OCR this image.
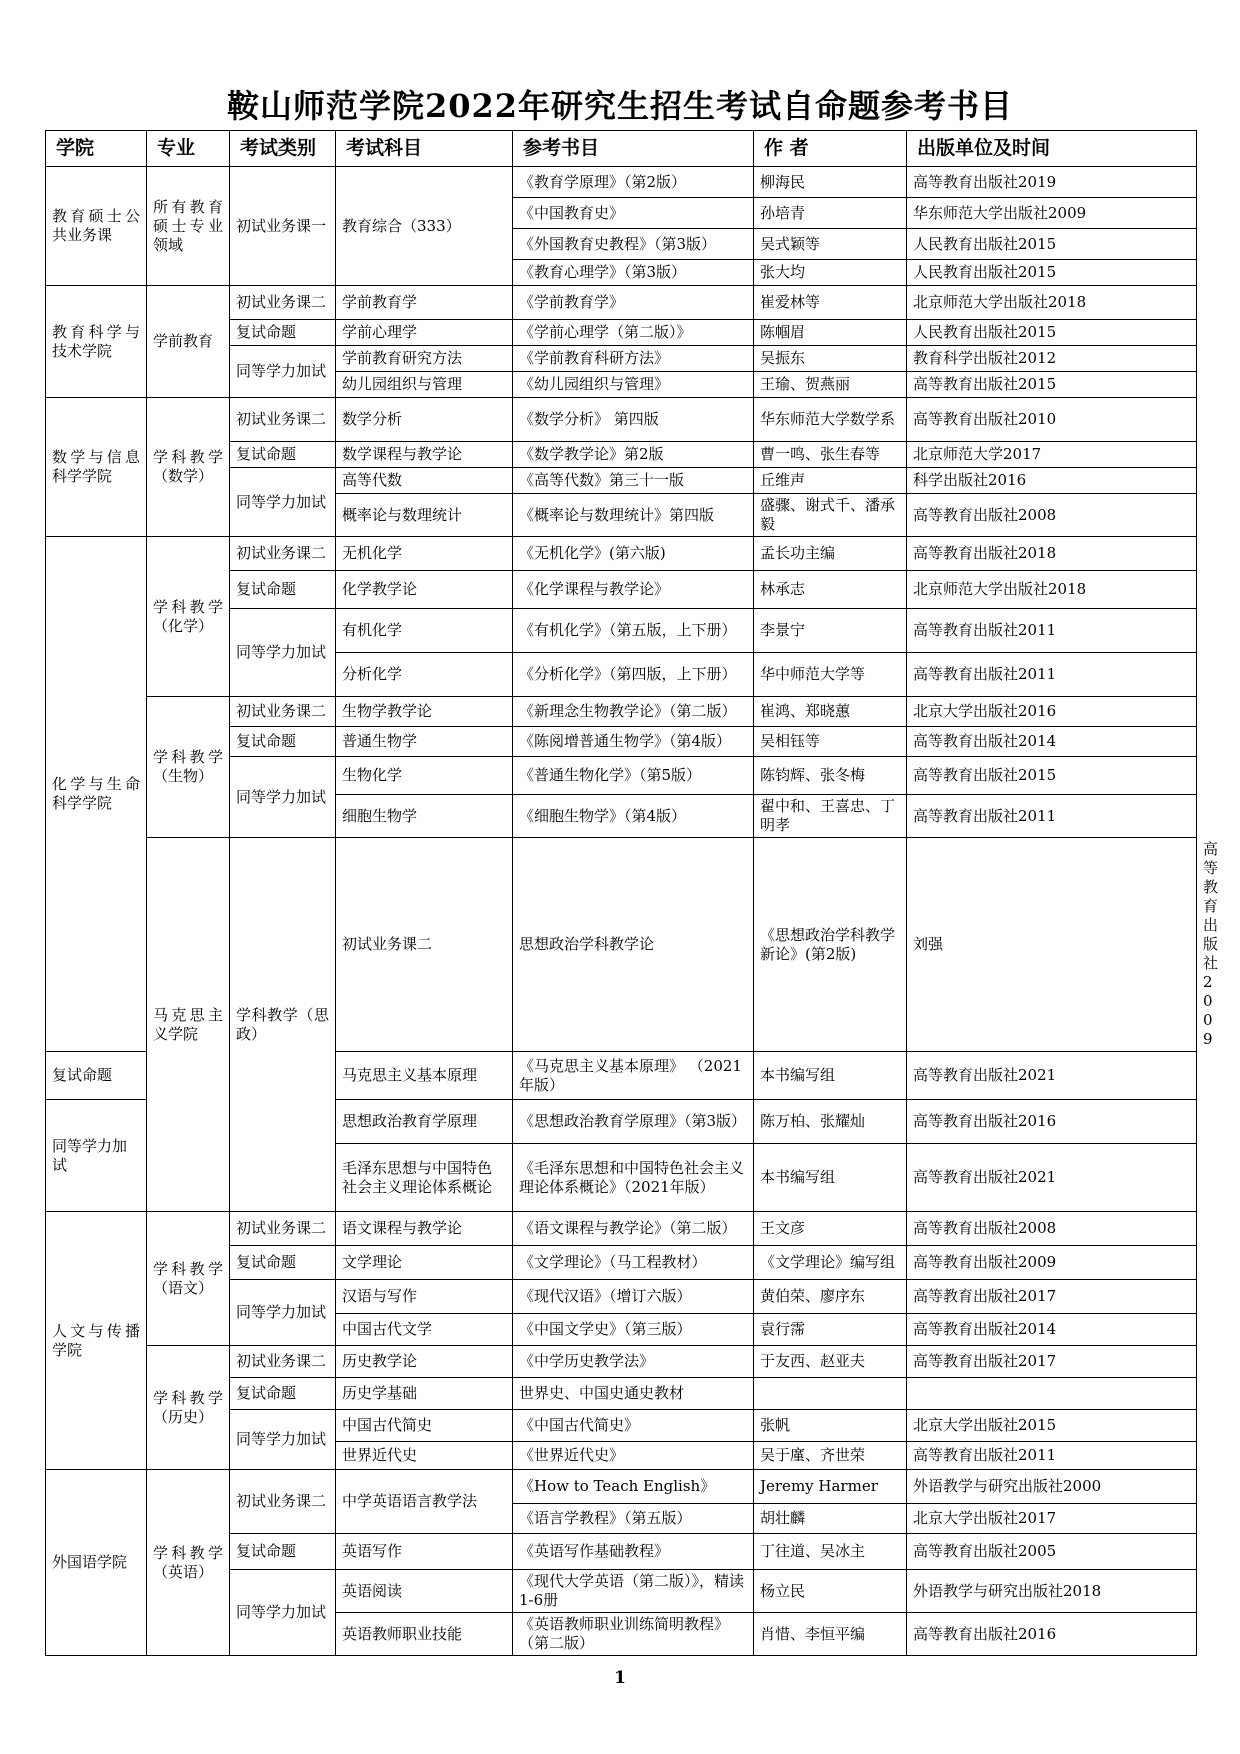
鞍山师范学院2022年研究生招生考试自命题参考书目
学院	专业	考试类别	考试科目	参考书目	作 者	出版单位及时间	
教育硕士公共业务课	所有教育硕士专业领域	初试业务课一	教育综合（333）	《教育学原理》（第2版）	柳海民	高等教育出版社2019	
				《中国教育史》	孙培青	华东师范大学出版社2009	
				《外国教育史教程》（第3版）	吴式颖等	人民教育出版社2015	
				《教育心理学》（第3版）	张大均	人民教育出版社2015	
教育科学与技术学院	学前教育	初试业务课二	学前教育学	《学前教育学》	崔爱林等	北京师范大学出版社2018	
		复试命题	学前心理学	《学前心理学（第二版）》	陈帼眉	人民教育出版社2015	
		同等学力加试	学前教育研究方法	《学前教育科研方法》	吴振东	教育科学出版社2012	
			幼儿园组织与管理	《幼儿园组织与管理》	王瑜、贺燕丽	高等教育出版社2015	
数学与信息科学学院	学科教学（数学）	初试业务课二	数学分析	《数学分析》 第四版	华东师范大学数学系	高等教育出版社2010	
		复试命题	数学课程与教学论	《数学教学论》第2版	曹一鸣、张生春等	北京师范大学2017	
		同等学力加试	高等代数	《高等代数》第三十一版	丘维声	科学出版社2016	
			概率论与数理统计	《概率论与数理统计》第四版	盛骤、谢式千、潘承毅	高等教育出版社2008	
化学与生命科学学院	学科教学（化学）	初试业务课二	无机化学	《无机化学》(第六版)	孟长功主编	高等教育出版社2018	
		复试命题	化学教学论	《化学课程与教学论》	林承志	北京师范大学出版社2018	
		同等学力加试	有机化学	《有机化学》（第五版，上下册）	李景宁	高等教育出版社2011	
			分析化学	《分析化学》（第四版，上下册）	华中师范大学等	高等教育出版社2011	
	学科教学（生物）	初试业务课二	生物学教学论	《新理念生物教学论》（第二版）	崔鸿、郑晓蕙	北京大学出版社2016	
		复试命题	普通生物学	《陈阅增普通生物学》（第4版）	吴相钰等	高等教育出版社2014	
		同等学力加试	生物化学	《普通生物化学》（第5版）	陈钧辉、张冬梅	高等教育出版社2015	
			细胞生物学	《细胞生物学》（第4版）	翟中和、王喜忠、丁明孝	高等教育出版社2011	
	马克思主义学院	学科教学（思政）	初试业务课二	思想政治学科教学论	《思想政治学科教学新论》(第2版)	刘强	高等教育出版社2009
复试命题			马克思主义基本原理	《马克思主义基本原理》 （2021年版）	本书编写组	高等教育出版社2021	
同等学力加试			思想政治教育学原理	《思想政治教育学原理》（第3版）	陈万柏、张耀灿	高等教育出版社2016	
			毛泽东思想与中国特色社会主义理论体系概论	《毛泽东思想和中国特色社会主义理论体系概论》（2021年版）	本书编写组	高等教育出版社2021	
人文与传播学院	学科教学（语文）	初试业务课二	语文课程与教学论	《语文课程与教学论》（第二版）	王文彦	高等教育出版社2008	
		复试命题	文学理论	《文学理论》（马工程教材）	《文学理论》编写组	高等教育出版社2009	
		同等学力加试	汉语与写作	《现代汉语》（增订六版）	黄伯荣、廖序东	高等教育出版社2017	
			中国古代文学	《中国文学史》（第三版）	袁行霈	高等教育出版社2014	
	学科教学（历史）	初试业务课二	历史教学论	《中学历史教学法》	于友西、赵亚夫	高等教育出版社2017	
		复试命题	历史学基础	世界史、中国史通史教材			
		同等学力加试	中国古代简史	《中国古代简史》	张帆	北京大学出版社2015	
			世界近代史	《世界近代史》	吴于廑、齐世荣	高等教育出版社2011	
外国语学院	学科教学（英语）	初试业务课二	中学英语语言教学法	《How to Teach English》	Jeremy Harmer	外语教学与研究出版社2000	
				《语言学教程》（第五版）	胡壮麟	北京大学出版社2017	
		复试命题	英语写作	《英语写作基础教程》	丁往道、吴冰主	高等教育出版社2005	
		同等学力加试	英语阅读	《现代大学英语（第二版）》，精读1-6册	杨立民	外语教学与研究出版社2018	
			英语教师职业技能	《英语教师职业训练简明教程》（第二版）	肖惜、李恒平编	高等教育出版社2016	
1
